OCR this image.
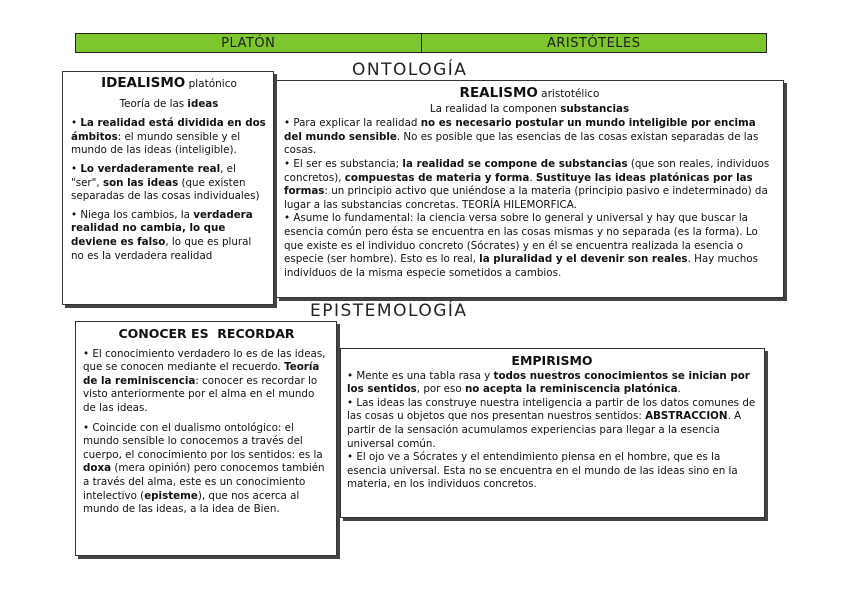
PLATÓN	ARISTÓTELES
ONTOLOGÍA
REALISMO aristotélico
La realidad la componen substancias

• Para explicar la realidad no es necesario postular un mundo inteligible por encima del mundo sensible. No es posible que las esencias de las cosas existan separadas de las cosas.

• El ser es substancia; la realidad se compone de substancias (que son reales, individuos concretos), compuestas de materia y forma. Sustituye las ideas platónicas por las formas: un principio activo que uniéndose a la materia (principio pasivo e indeterminado) da lugar a las substancias concretas. TEORÍA HILEMORFICA.

• Asume lo fundamental: la ciencia versa sobre lo general y universal y hay que buscar la esencia común pero ésta se encuentra en las cosas mismas y no separada (es la forma). Lo que existe es el individuo concreto (Sócrates) y en él se encuentra realizada la esencia o especie (ser hombre). Esto es lo real, la pluralidad y el devenir son reales. Hay muchos individuos de la misma especie sometidos a cambios.

IDEALISMO platónico
Teoría de las ideas

• La realidad está dividida en dos ámbitos: el mundo sensible y el mundo de las ideas (inteligible).

• Lo verdaderamente real, el "ser", son las ideas (que existen separadas de las cosas individuales)

• Niega los cambios, la verdadera realidad no cambia, lo que deviene es falso, lo que es plural no es la verdadera realidad

EPISTEMOLOGÍA
CONOCER ES  RECORDAR

• El conocimiento verdadero lo es de las ideas, que se conocen mediante el recuerdo. Teoría de la reminiscencia: conocer es recordar lo visto anteriormente por el alma en el mundo de las ideas.

• Coincide con el dualismo ontológico: el mundo sensible lo conocemos a través del cuerpo, el conocimiento por los sentidos: es la doxa (mera opinión) pero conocemos también a través del alma, este es un conocimiento intelectivo (episteme), que nos acerca al mundo de las ideas, a la idea de Bien.

EMPIRISMO

• Mente es una tabla rasa y todos nuestros conocimientos se inician por los sentidos, por eso no acepta la reminiscencia platónica.

• Las ideas las construye nuestra inteligencia a partir de los datos comunes de las cosas u objetos que nos presentan nuestros sentidos: ABSTRACCION. A partir de la sensación acumulamos experiencias para llegar a la esencia universal común.

• El ojo ve a Sócrates y el entendimiento piensa en el hombre, que es la esencia universal. Esta no se encuentra en el mundo de las ideas sino en la materia, en los individuos concretos.
